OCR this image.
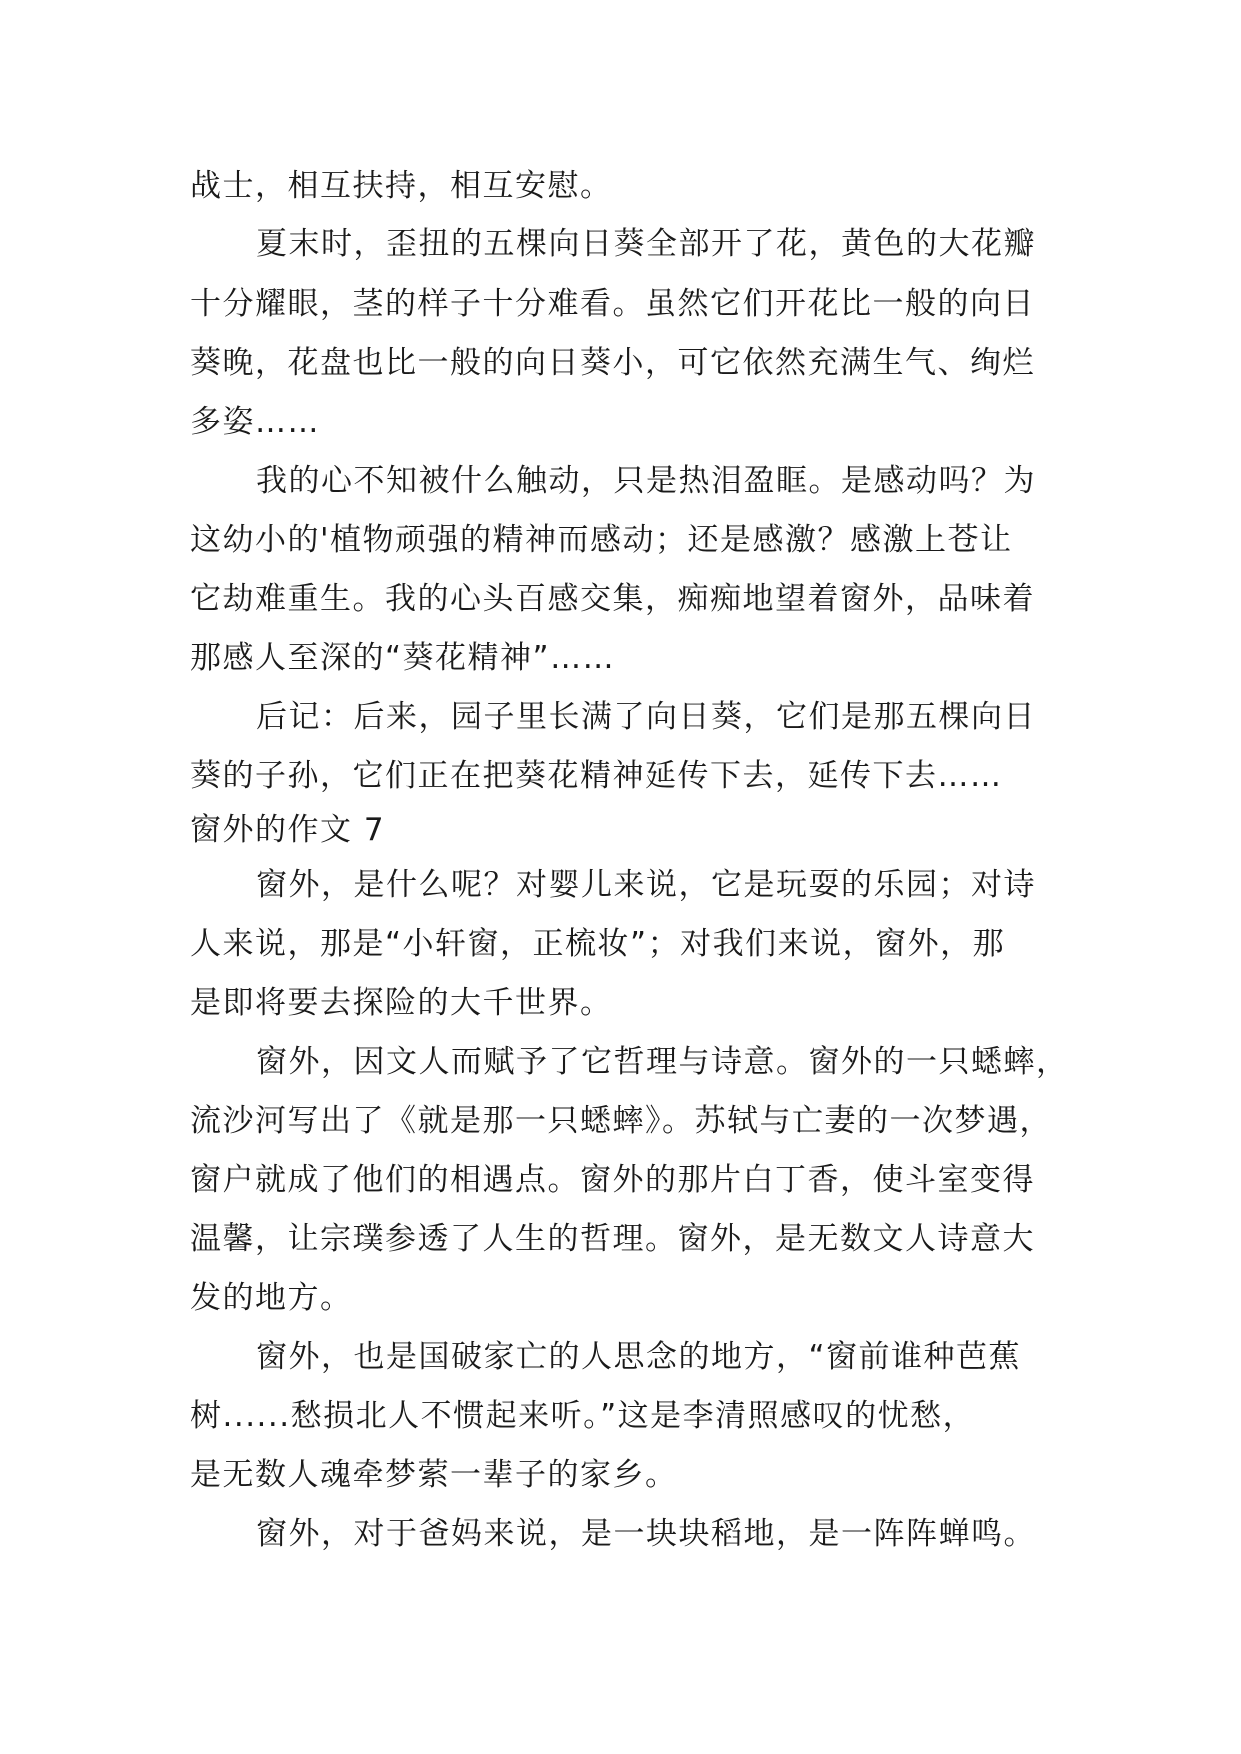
战士，相互扶持，相互安慰。

夏末时，歪扭的五棵向日葵全部开了花，黄色的大花瓣

十分耀眼，茎的样子十分难看。虽然它们开花比一般的向日

葵晚，花盘也比一般的向日葵小，可它依然充满生气、绚烂

多姿……

我的心不知被什么触动，只是热泪盈眶。是感动吗？为

这幼小的'植物顽强的精神而感动；还是感激？感激上苍让

它劫难重生。我的心头百感交集，痴痴地望着窗外，品味着

那感人至深的“葵花精神”……

后记：后来，园子里长满了向日葵，它们是那五棵向日

葵的子孙，它们正在把葵花精神延传下去，延传下去……

窗外的作文 7

窗外，是什么呢？对婴儿来说，它是玩耍的乐园；对诗

人来说，那是“小轩窗，正梳妆”；对我们来说，窗外，那

是即将要去探险的大千世界。

窗外，因文人而赋予了它哲理与诗意。窗外的一只蟋蟀，

流沙河写出了《就是那一只蟋蟀》。苏轼与亡妻的一次梦遇，

窗户就成了他们的相遇点。窗外的那片白丁香，使斗室变得

温馨，让宗璞参透了人生的哲理。窗外，是无数文人诗意大

发的地方。

窗外，也是国破家亡的人思念的地方，“窗前谁种芭蕉

树......愁损北人不惯起来听。”这是李清照感叹的忧愁，

是无数人魂牵梦萦一辈子的家乡。

窗外，对于爸妈来说，是一块块稻地，是一阵阵蝉鸣。
